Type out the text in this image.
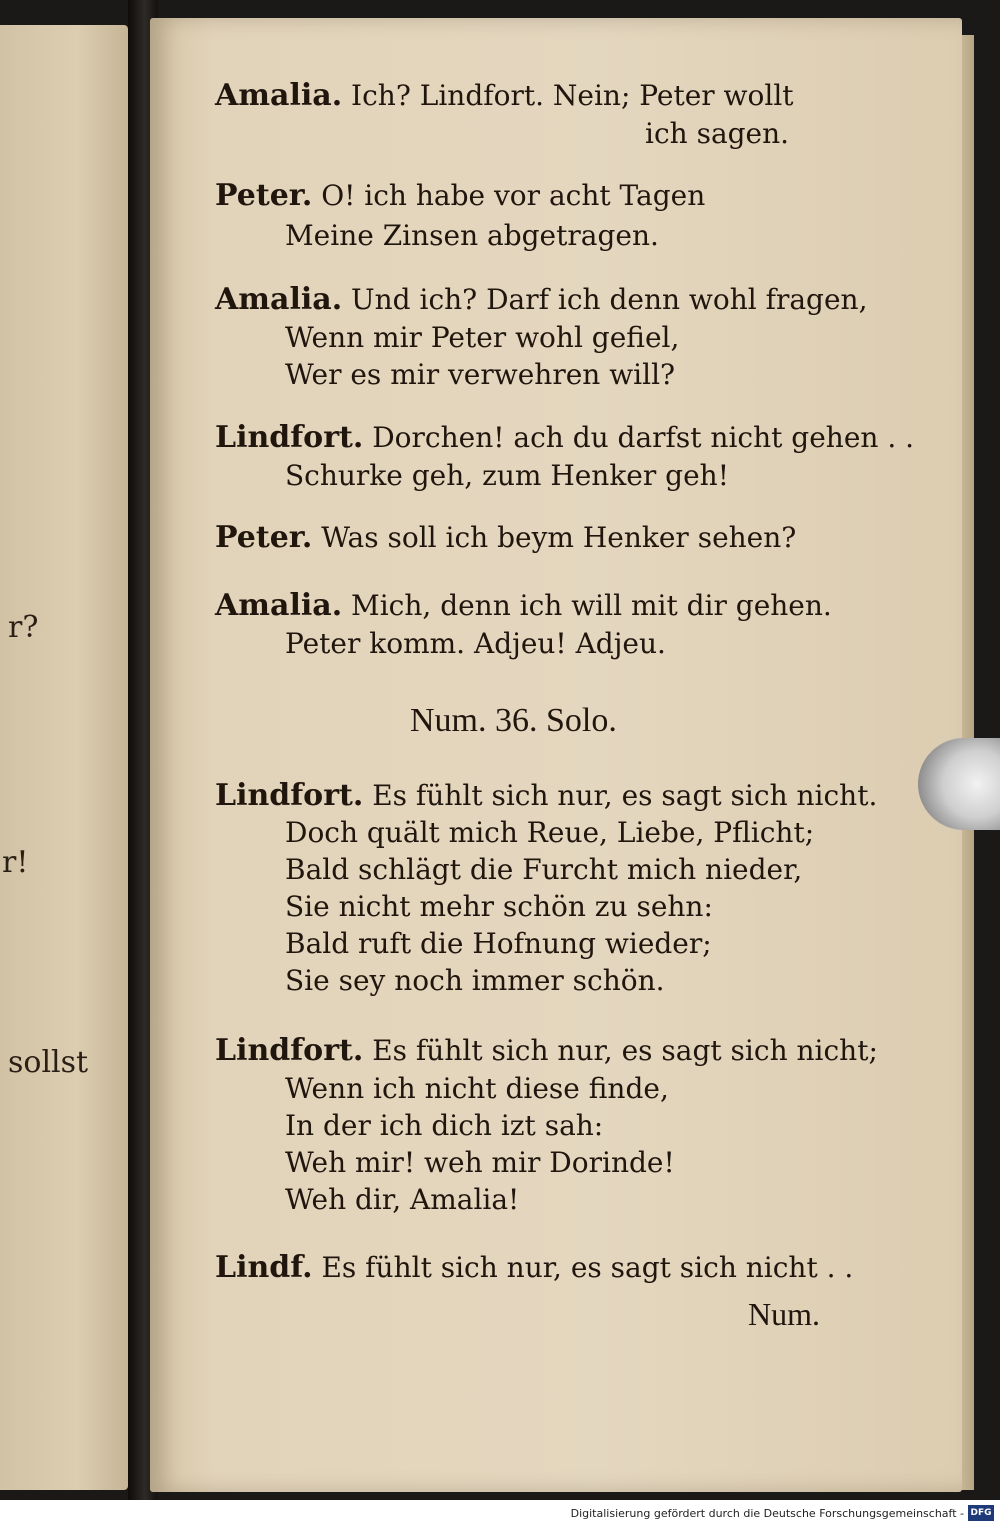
r?
r!
sollst

Amalia. Ich? Lindfort. Nein; Peter wollt

ich sagen.

Peter. O! ich habe vor acht Tagen

Meine Zinsen abgetragen.

Amalia. Und ich? Darf ich denn wohl fragen,

Wenn mir Peter wohl gefiel,

Wer es mir verwehren will?

Lindfort. Dorchen! ach du darfst nicht gehen . .

Schurke geh, zum Henker geh!

Peter. Was soll ich beym Henker sehen?

Amalia. Mich, denn ich will mit dir gehen.

Peter komm. Adjeu! Adjeu.

Num. 36. Solo.

Lindfort. Es fühlt sich nur, es sagt sich nicht.

Doch quält mich Reue, Liebe, Pflicht;

Bald schlägt die Furcht mich nieder,

Sie nicht mehr schön zu sehn:

Bald ruft die Hofnung wieder;

Sie sey noch immer schön.

Lindfort. Es fühlt sich nur, es sagt sich nicht;

Wenn ich nicht diese finde,

In der ich dich izt sah:

Weh mir! weh mir Dorinde!

Weh dir, Amalia!

Lindf. Es fühlt sich nur, es sagt sich nicht . .

Num.

Digitalisierung gefördert durch die Deutsche Forschungsgemeinschaft - DFG
